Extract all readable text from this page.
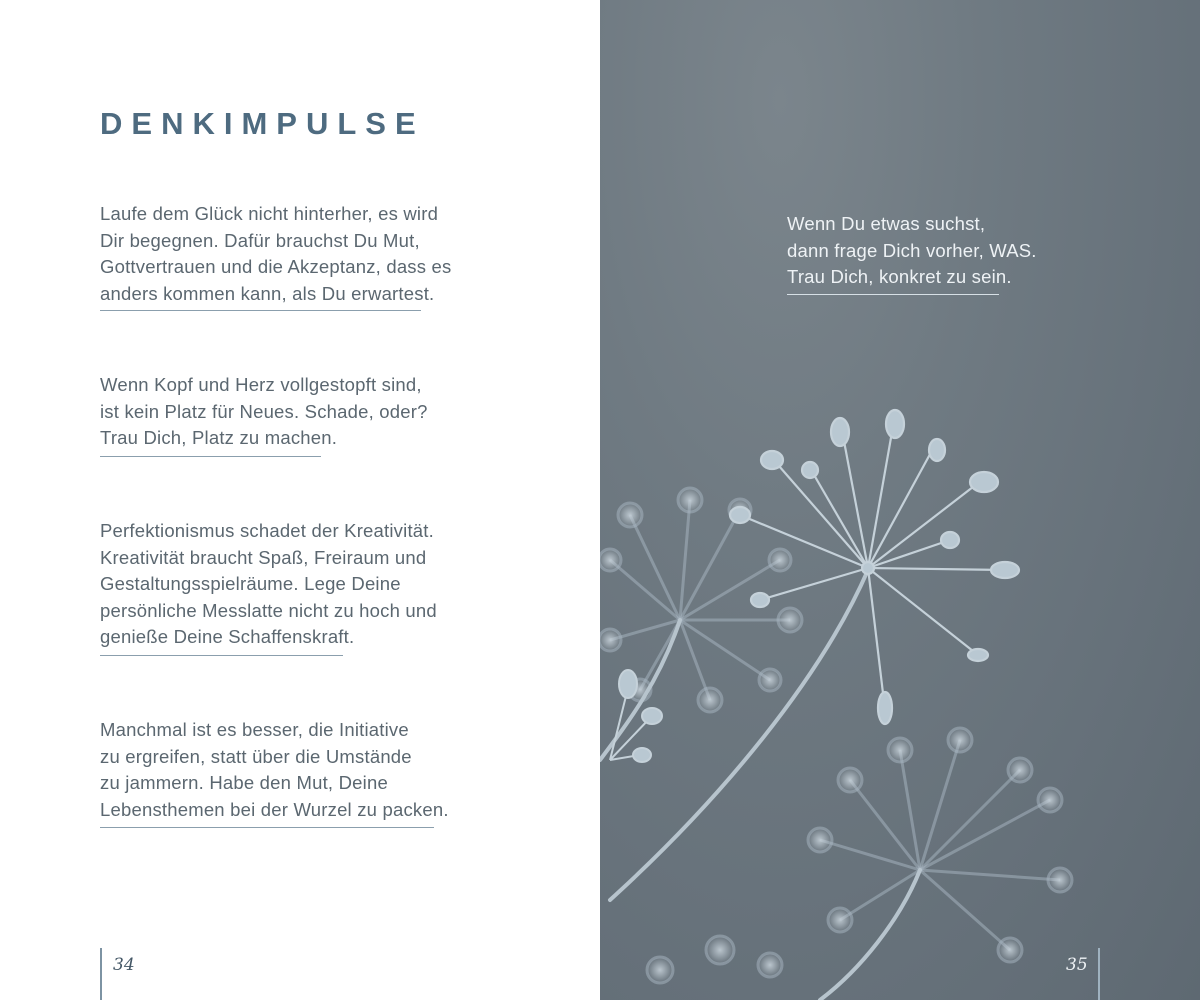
DENKIMPULSE

Laufe dem Glück nicht hinterher, es wird
Dir begegnen. Dafür brauchst Du Mut,
Gottvertrauen und die Akzeptanz, dass es
anders kommen kann, als Du erwartest.

Wenn Kopf und Herz vollgestopft sind,
ist kein Platz für Neues. Schade, oder?
Trau Dich, Platz zu machen.

Perfektionismus schadet der Kreativität.
Kreativität braucht Spaß, Freiraum und
Gestaltungsspielräume. Lege Deine
persönliche Messlatte nicht zu hoch und
genieße Deine Schaffenskraft.

Manchmal ist es besser, die Initiative
zu ergreifen, statt über die Umstände
zu jammern. Habe den Mut, Deine
Lebensthemen bei der Wurzel zu packen.

34

Wenn Du etwas suchst,
dann frage Dich vorher, WAS.
Trau Dich, konkret zu sein.

35
